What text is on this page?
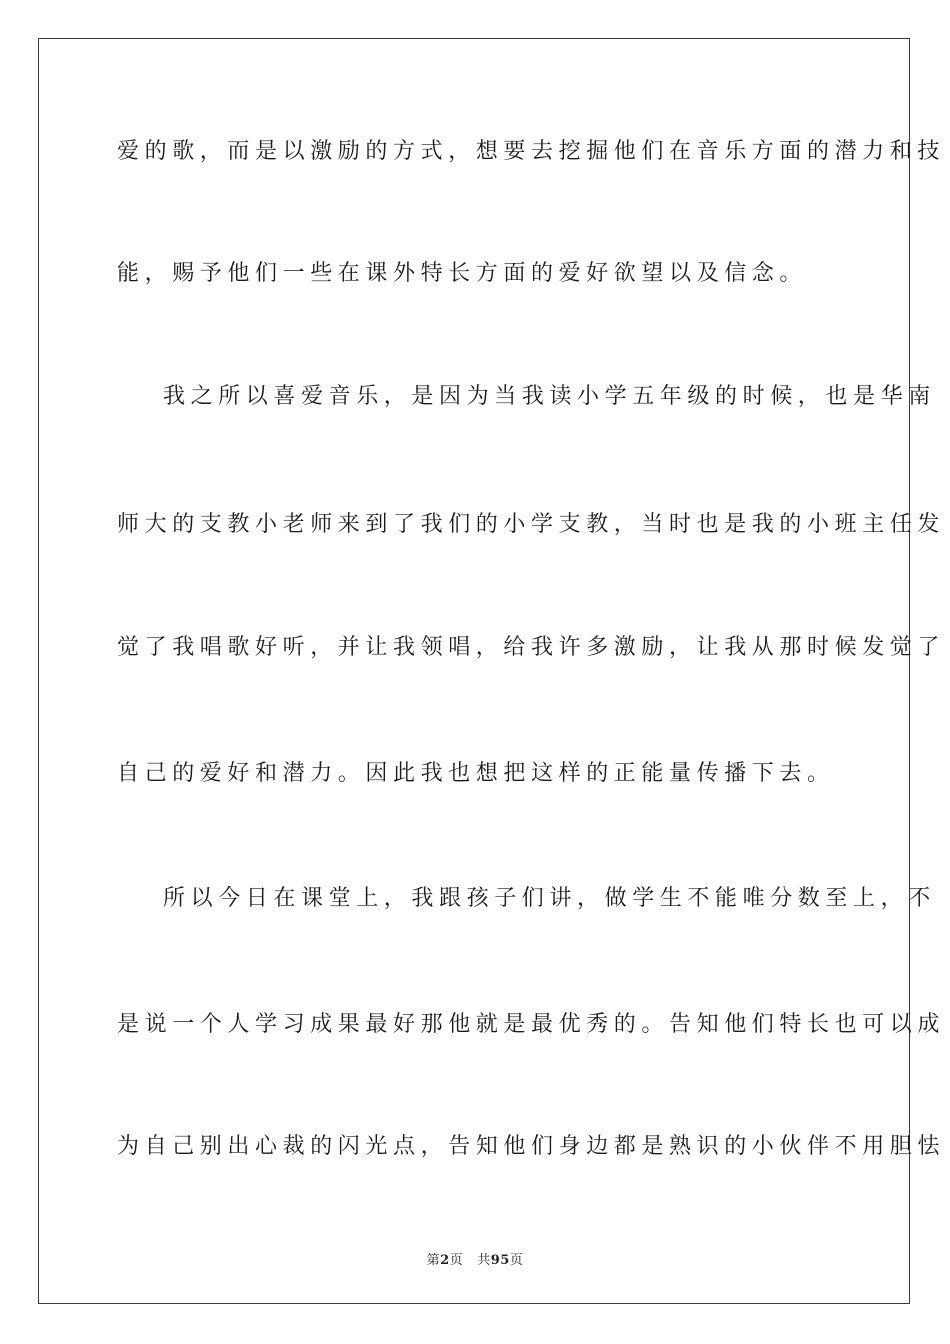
爱的歌，而是以激励的方式，想要去挖掘他们在音乐方面的潜力和技
能，赐予他们一些在课外特长方面的爱好欲望以及信念。
我之所以喜爱音乐，是因为当我读小学五年级的时候，也是华南
师大的支教小老师来到了我们的小学支教，当时也是我的小班主任发
觉了我唱歌好听，并让我领唱，给我许多激励，让我从那时候发觉了
自己的爱好和潜力。因此我也想把这样的正能量传播下去。
所以今日在课堂上，我跟孩子们讲，做学生不能唯分数至上，不
是说一个人学习成果最好那他就是最优秀的。告知他们特长也可以成
为自己别出心裁的闪光点，告知他们身边都是熟识的小伙伴不用胆怯
第2页 共95页
